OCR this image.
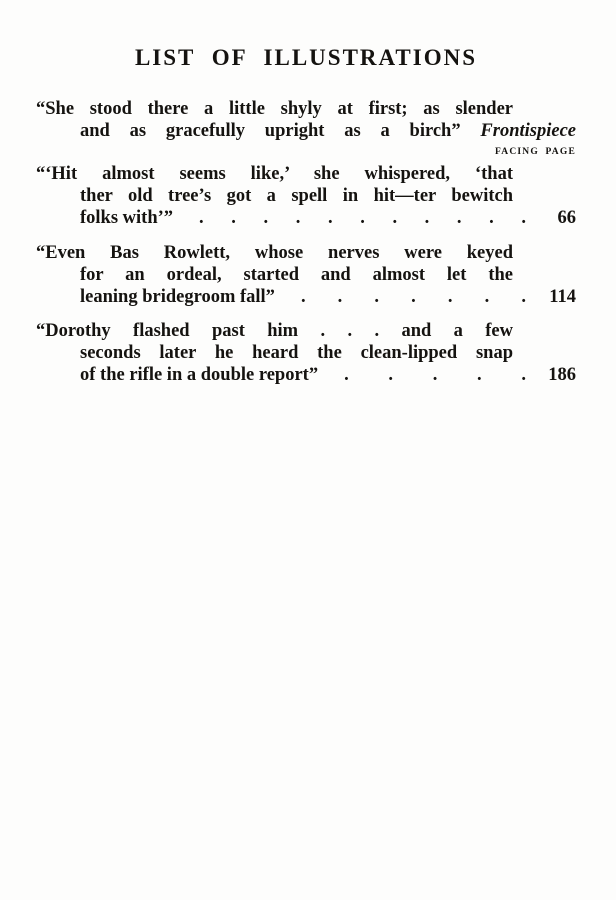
LIST OF ILLUSTRATIONS
“She stood there a little shyly at first; as slender
and as gracefully upright as a birch” Frontispiece
FACING PAGE
“‘Hit almost seems like,’ she whispered, ‘that
ther old tree’s got a spell in hit—ter bewitch
folks with’”	. . . . . . . . . . .	66
“Even Bas Rowlett, whose nerves were keyed
for an ordeal, started and almost let the
leaning bridegroom fall”	. . . . . . .	114
“Dorothy flashed past him . . . and a few
seconds later he heard the clean-lipped snap
of the rifle in a double report”	. . . . .	186
